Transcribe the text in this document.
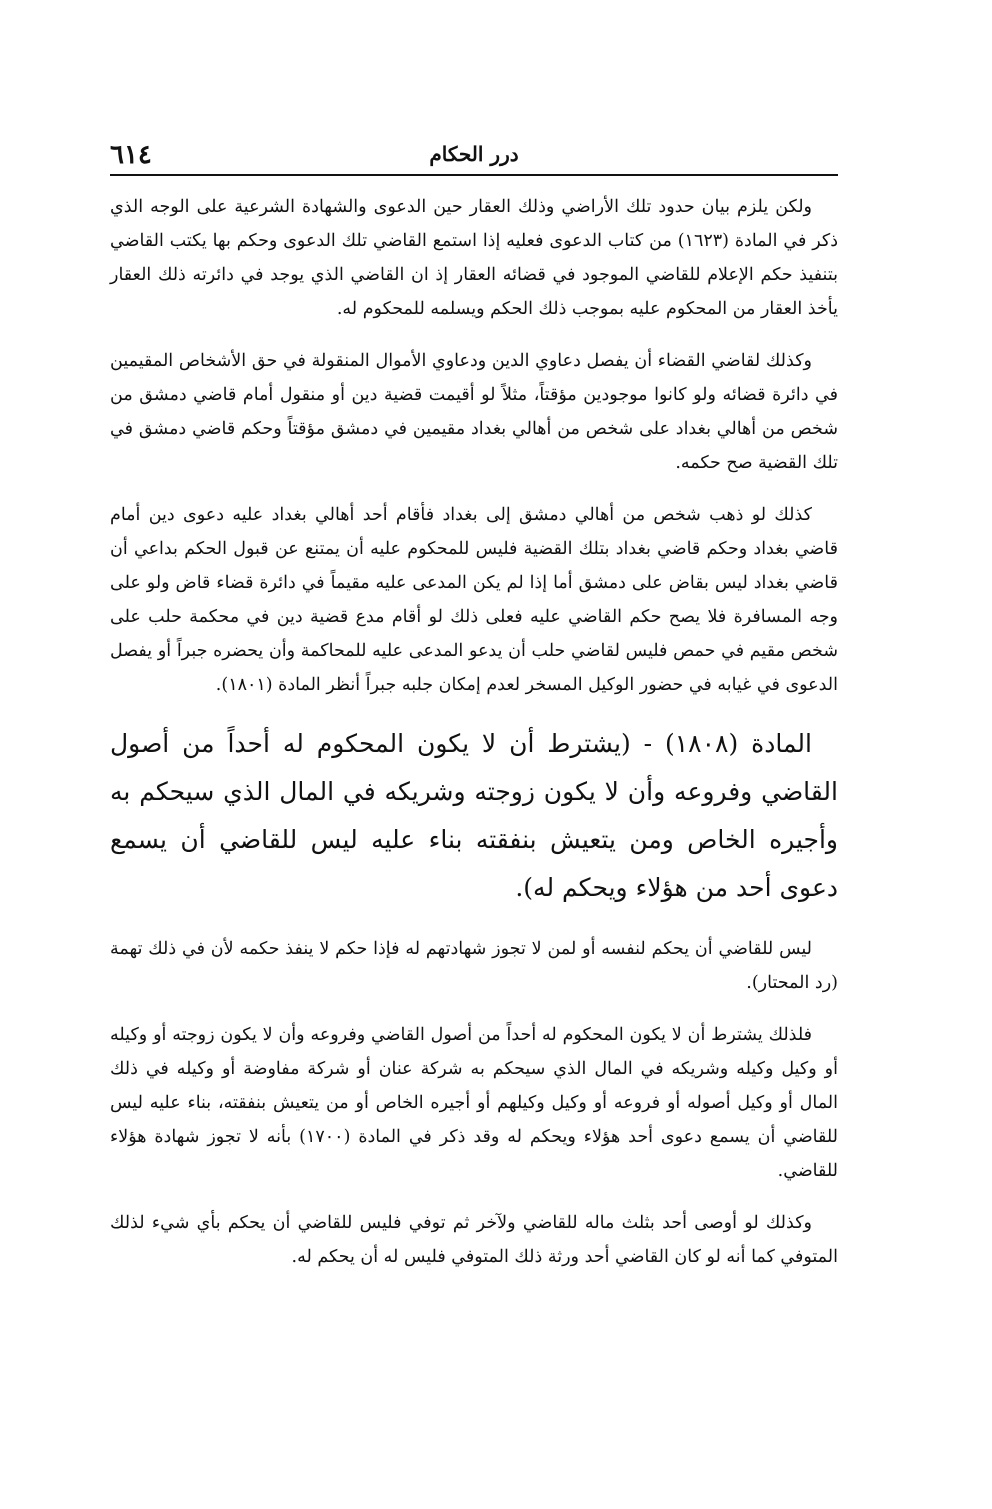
٦١٤	درر الحكام

ولكن يلزم بيان حدود تلك الأراضي وذلك العقار حين الدعوى والشهادة الشرعية على الوجه الذي ذكر في المادة (١٦٢٣) من كتاب الدعوى فعليه إذا استمع القاضي تلك الدعوى وحكم بها يكتب القاضي بتنفيذ حكم الإعلام للقاضي الموجود في قضائه العقار إذ ان القاضي الذي يوجد في دائرته ذلك العقار يأخذ العقار من المحكوم عليه بموجب ذلك الحكم ويسلمه للمحكوم له.

وكذلك لقاضي القضاء أن يفصل دعاوي الدين ودعاوي الأموال المنقولة في حق الأشخاص المقيمين في دائرة قضائه ولو كانوا موجودين مؤقتاً، مثلاً لو أقيمت قضية دين أو منقول أمام قاضي دمشق من شخص من أهالي بغداد على شخص من أهالي بغداد مقيمين في دمشق مؤقتاً وحكم قاضي دمشق في تلك القضية صح حكمه.

كذلك لو ذهب شخص من أهالي دمشق إلى بغداد فأقام أحد أهالي بغداد عليه دعوى دين أمام قاضي بغداد وحكم قاضي بغداد بتلك القضية فليس للمحكوم عليه أن يمتنع عن قبول الحكم بداعي أن قاضي بغداد ليس بقاض على دمشق أما إذا لم يكن المدعى عليه مقيماً في دائرة قضاء قاض ولو على وجه المسافرة فلا يصح حكم القاضي عليه فعلى ذلك لو أقام مدع قضية دين في محكمة حلب على شخص مقيم في حمص فليس لقاضي حلب أن يدعو المدعى عليه للمحاكمة وأن يحضره جبراً أو يفصل الدعوى في غيابه في حضور الوكيل المسخر لعدم إمكان جلبه جبراً أنظر المادة (١٨٠١).

المادة (١٨٠٨) - (يشترط أن لا يكون المحكوم له أحداً من أصول القاضي وفروعه وأن لا يكون زوجته وشريكه في المال الذي سيحكم به وأجيره الخاص ومن يتعيش بنفقته بناء عليه ليس للقاضي أن يسمع دعوى أحد من هؤلاء ويحكم له).

ليس للقاضي أن يحكم لنفسه أو لمن لا تجوز شهادتهم له فإذا حكم لا ينفذ حكمه لأن في ذلك تهمة (رد المحتار).

فلذلك يشترط أن لا يكون المحكوم له أحداً من أصول القاضي وفروعه وأن لا يكون زوجته أو وكيله أو وكيل وكيله وشريكه في المال الذي سيحكم به شركة عنان أو شركة مفاوضة أو وكيله في ذلك المال أو وكيل أصوله أو فروعه أو وكيل وكيلهم أو أجيره الخاص أو من يتعيش بنفقته، بناء عليه ليس للقاضي أن يسمع دعوى أحد هؤلاء ويحكم له وقد ذكر في المادة (١٧٠٠) بأنه لا تجوز شهادة هؤلاء للقاضي.

وكذلك لو أوصى أحد بثلث ماله للقاضي ولآخر ثم توفي فليس للقاضي أن يحكم بأي شيء لذلك المتوفي كما أنه لو كان القاضي أحد ورثة ذلك المتوفي فليس له أن يحكم له.
